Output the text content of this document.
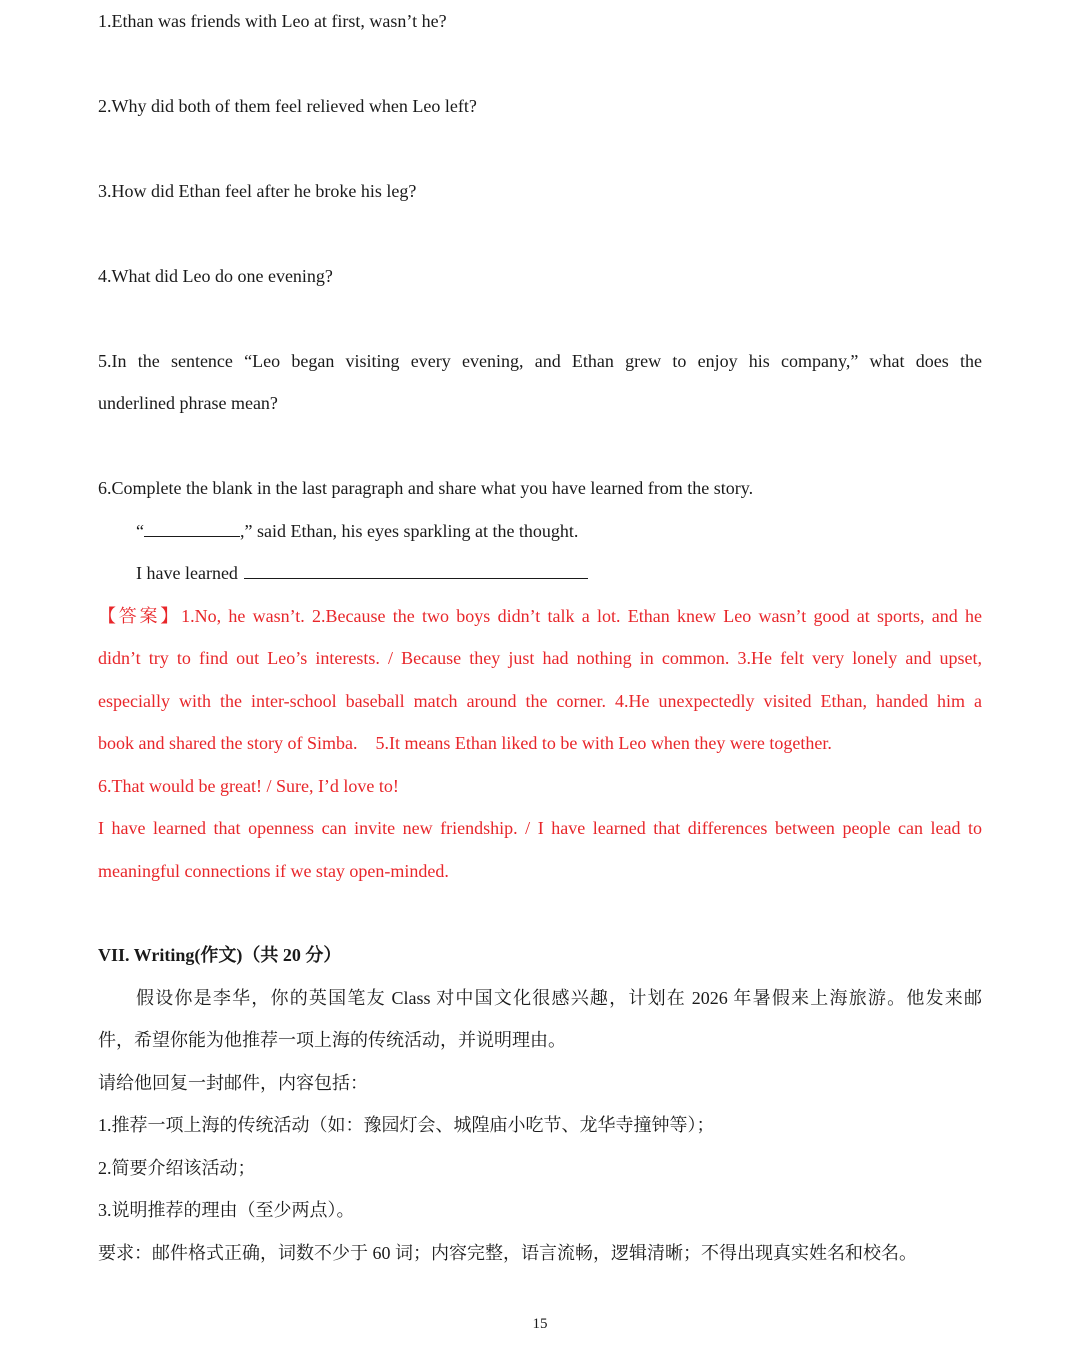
1.Ethan was friends with Leo at first, wasn’t he?
2.Why did both of them feel relieved when Leo left?
3.How did Ethan feel after he broke his leg?
4.What did Leo do one evening?
5.In the sentence “Leo began visiting every evening, and Ethan grew to enjoy his company,” what does the
underlined phrase mean?
6.Complete the blank in the last paragraph and share what you have learned from the story.
“	,” said Ethan, his eyes sparkling at the thought.
I have learned
【答案】1.No, he wasn’t. 2.Because the two boys didn’t talk a lot. Ethan knew Leo wasn’t good at sports, and he
didn’t try to find out Leo’s interests. / Because they just had nothing in common. 3.He felt very lonely and upset,
especially with the inter-school baseball match around the corner. 4.He unexpectedly visited Ethan, handed him a
book and shared the story of Simba. 5.It means Ethan liked to be with Leo when they were together.
6.That would be great! / Sure, I’d love to!
I have learned that openness can invite new friendship. / I have learned that differences between people can lead to
meaningful connections if we stay open-minded.
VII. Writing(作文)（共 20 分）
假设你是李华，你的英国笔友 Class 对中国文化很感兴趣，计划在 2026 年暑假来上海旅游。他发来邮
件，希望你能为他推荐一项上海的传统活动，并说明理由。
请给他回复一封邮件，内容包括：
1.推荐一项上海的传统活动（如：豫园灯会、城隍庙小吃节、龙华寺撞钟等）；
2.简要介绍该活动；
3.说明推荐的理由（至少两点）。
要求：邮件格式正确，词数不少于 60 词；内容完整，语言流畅，逻辑清晰；不得出现真实姓名和校名。
15
